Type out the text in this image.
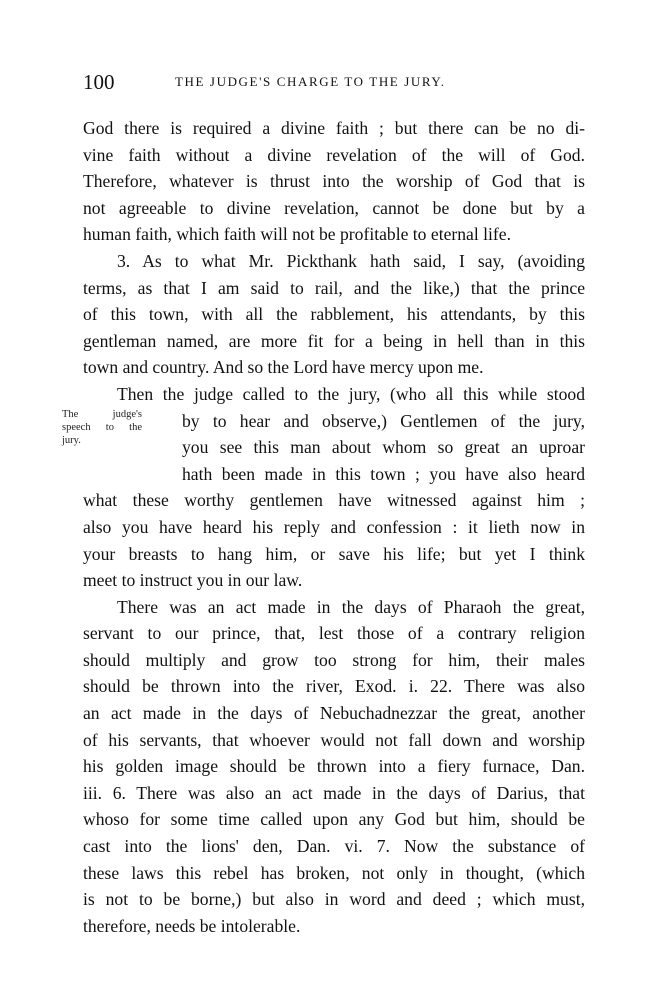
100	THE JUDGE'S CHARGE TO THE JURY.
The judge's
speech to the
jury.
God there is required a divine faith ; but there can be no di-
vine faith without a divine revelation of the will of God.
Therefore, whatever is thrust into the worship of God that is
not agreeable to divine revelation, cannot be done but by a
human faith, which faith will not be profitable to eternal life.
3. As to what Mr. Pickthank hath said, I say, (avoiding
terms, as that I am said to rail, and the like,) that the prince
of this town, with all the rabblement, his attendants, by this
gentleman named, are more fit for a being in hell than in this
town and country. And so the Lord have mercy upon me.
Then the judge called to the jury, (who all this while stood
by to hear and observe,) Gentlemen of the jury,
you see this man about whom so great an uproar
hath been made in this town ; you have also heard
what these worthy gentlemen have witnessed against him ;
also you have heard his reply and confession : it lieth now in
your breasts to hang him, or save his life; but yet I think
meet to instruct you in our law.
There was an act made in the days of Pharaoh the great,
servant to our prince, that, lest those of a contrary religion
should multiply and grow too strong for him, their males
should be thrown into the river, Exod. i. 22. There was also
an act made in the days of Nebuchadnezzar the great, another
of his servants, that whoever would not fall down and worship
his golden image should be thrown into a fiery furnace, Dan.
iii. 6. There was also an act made in the days of Darius, that
whoso for some time called upon any God but him, should be
cast into the lions' den, Dan. vi. 7. Now the substance of
these laws this rebel has broken, not only in thought, (which
is not to be borne,) but also in word and deed ; which must,
therefore, needs be intolerable.
